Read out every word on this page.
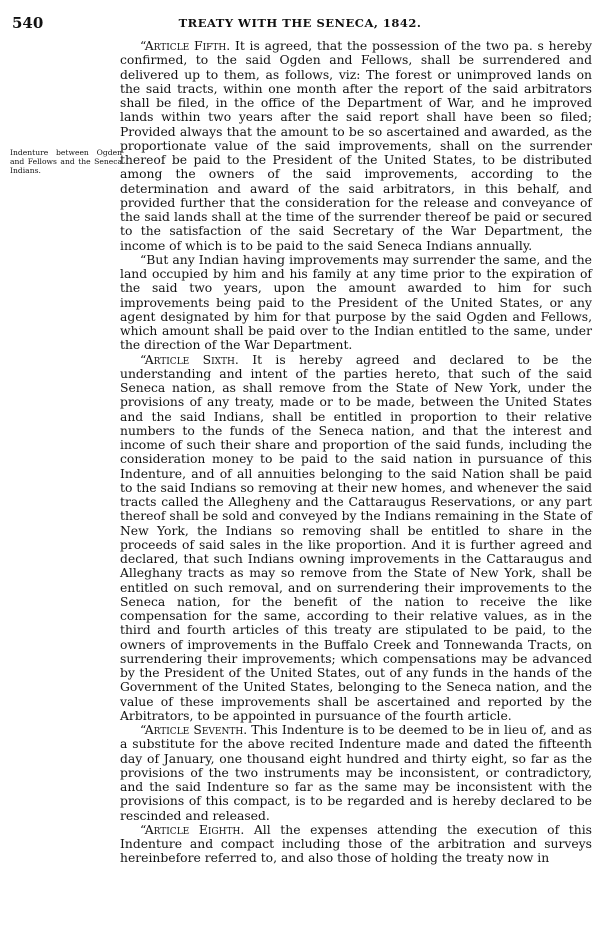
540	TREATY WITH THE SENECA, 1842.
Indenture between Ogden and Fellows and the Seneca Indians.

“Article Fifth. It is agreed, that the possession of the two pa. s hereby confirmed, to the said Ogden and Fellows, shall be surrendered and delivered up to them, as follows, viz: The forest or unimproved lands on the said tracts, within one month after the report of the said arbitrators shall be filed, in the office of the Department of War, and he improved lands within two years after the said report shall have been so filed; Provided always that the amount to be so ascertained and awarded, as the proportionate value of the said improvements, shall on the surrender thereof be paid to the President of the United States, to be distributed among the owners of the said improvements, according to the determination and award of the said arbitrators, in this behalf, and provided further that the consideration for the release and conveyance of the said lands shall at the time of the surrender thereof be paid or secured to the satisfaction of the said Secretary of the War Department, the income of which is to be paid to the said Seneca Indians annually.

“But any Indian having improvements may surrender the same, and the land occupied by him and his family at any time prior to the expiration of the said two years, upon the amount awarded to him for such improvements being paid to the President of the United States, or any agent designated by him for that purpose by the said Ogden and Fellows, which amount shall be paid over to the Indian entitled to the same, under the direction of the War Department.

“Article Sixth. It is hereby agreed and declared to be the understanding and intent of the parties hereto, that such of the said Seneca nation, as shall remove from the State of New York, under the provisions of any treaty, made or to be made, between the United States and the said Indians, shall be entitled in proportion to their relative numbers to the funds of the Seneca nation, and that the interest and income of such their share and proportion of the said funds, including the consideration money to be paid to the said nation in pursuance of this Indenture, and of all annuities belonging to the said Nation shall be paid to the said Indians so removing at their new homes, and whenever the said tracts called the Allegheny and the Cattaraugus Reservations, or any part thereof shall be sold and conveyed by the Indians remaining in the State of New York, the Indians so removing shall be entitled to share in the proceeds of said sales in the like proportion. And it is further agreed and declared, that such Indians owning improvements in the Cattaraugus and Alleghany tracts as may so remove from the State of New York, shall be entitled on such removal, and on surrendering their improvements to the Seneca nation, for the benefit of the nation to receive the like compensation for the same, according to their relative values, as in the third and fourth articles of this treaty are stipulated to be paid, to the owners of improvements in the Buffalo Creek and Tonnewanda Tracts, on surrendering their improvements; which compensations may be advanced by the President of the United States, out of any funds in the hands of the Government of the United States, belonging to the Seneca nation, and the value of these improvements shall be ascertained and reported by the Arbitrators, to be appointed in pursuance of the fourth article.

“Article Seventh. This Indenture is to be deemed to be in lieu of, and as a substitute for the above recited Indenture made and dated the fifteenth day of January, one thousand eight hundred and thirty eight, so far as the provisions of the two instruments may be inconsistent, or contradictory, and the said Indenture so far as the same may be inconsistent with the provisions of this compact, is to be regarded and is hereby declared to be rescinded and released.

“Article Eighth. All the expenses attending the execution of this Indenture and compact including those of the arbitration and surveys hereinbefore referred to, and also those of holding the treaty now in
